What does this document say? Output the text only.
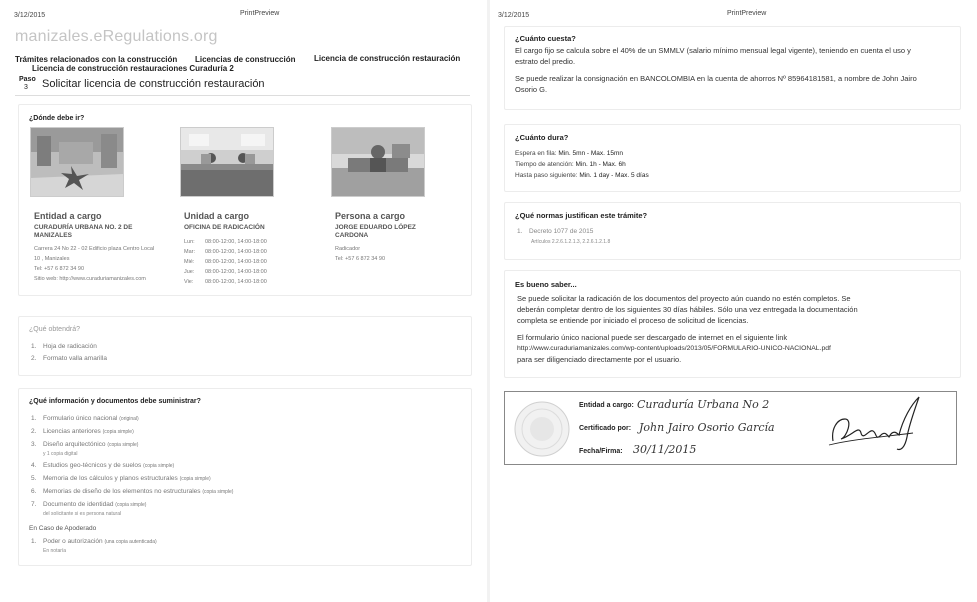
3/12/2015	PrintPreview
manizales.eRegulations.org
Trámites relacionados con la construcción Licencias de construcción Licencia de construcción restauración
Licencia de construcción restauraciones Curaduría 2
Paso
3 Solicitar licencia de construcción restauración
¿Dónde debe ir?
Entidad a cargo
CURADURÍA URBANA NO. 2 DE MANIZALES
Carrera 24 No 22 - 02 Edificio plaza Centro Local
10 , Manizales
Tel: +57 6 872 34 90
Sitio web: http://www.curaduriamanizales.com
Unidad a cargo
OFICINA DE RADICACIÓN
Lun: 08:00-12:00, 14:00-18:00
Mar: 08:00-12:00, 14:00-18:00
Mié: 08:00-12:00, 14:00-18:00
Jue: 08:00-12:00, 14:00-18:00
Vie: 08:00-12:00, 14:00-18:00
Persona a cargo
JORGE EDUARDO LÓPEZ CARDONA
Radicador
Tel: +57 6 872 34 90
¿Qué obtendrá?
1. Hoja de radicación
2. Formato valla amarilla
¿Qué información y documentos debe suministrar?
1. Formulario único nacional (original)
2. Licencias anteriores (copia simple)
3. Diseño arquitectónico (copia simple)
y 1 copia digital
4. Estudios geo-técnicos y de suelos (copia simple)
5. Memoria de los cálculos y planos estructurales (copia simple)
6. Memorias de diseño de los elementos no estructurales (copia simple)
7. Documento de identidad (copia simple)
del solicitante si es persona natural
En Caso de Apoderado
1. Poder o autorización (una copia autenticada)
En notaría
3/12/2015	PrintPreview
¿Cuánto cuesta?
El cargo fijo se calcula sobre el 40% de un SMMLV (salario mínimo mensual legal vigente), teniendo en cuenta el uso y
estrato del predio.
Se puede realizar la consignación en BANCOLOMBIA en la cuenta de ahorros Nº 85964181581, a nombre de John Jairo
Osorio G.
¿Cuánto dura?
Espera en fila: Min. 5mn - Max. 15mn
Tiempo de atención: Min. 1h - Max. 6h
Hasta paso siguiente: Min. 1 day - Max. 5 días
¿Qué normas justifican este trámite?
1. Decreto 1077 de 2015
Artículos 2.2.6.1.2.1.3, 2.2.6.1.2.1.8
Es bueno saber...
Se puede solicitar la radicación de los documentos del proyecto aún cuando no estén completos. Se
deberán completar dentro de los siguientes 30 días hábiles. Sólo una vez entregada la documentación
completa se entiende por iniciado el proceso de solicitud de licencias.
El formulario único nacional puede ser descargado de internet en el siguiente link
http://www.curaduriamanizales.com/wp-content/uploads/2013/05/FORMULARIO-UNICO-NACIONAL.pdf
para ser diligenciado directamente por el usuario.
Entidad a cargo: Curaduría Urbana No 2
Certificado por: John Jairo Osorio García
Fecha/Firma: 30/11/2015
